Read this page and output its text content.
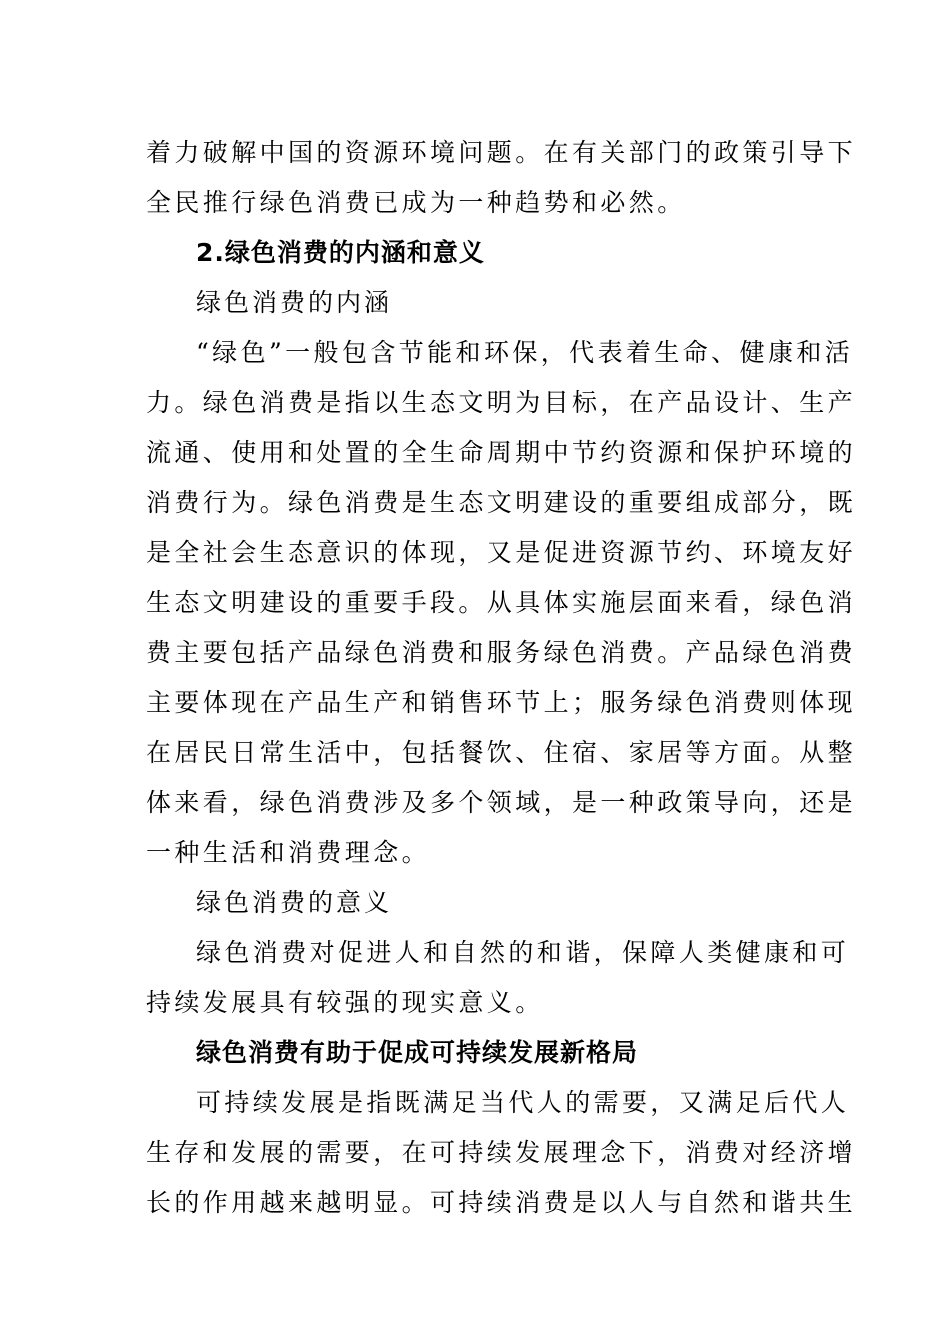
着力破解中国的资源环境问题。在有关部门的政策引导下
全民推行绿色消费已成为一种趋势和必然。
2.绿色消费的内涵和意义
绿色消费的内涵
“绿色”一般包含节能和环保，代表着生命、健康和活
力。绿色消费是指以生态文明为目标，在产品设计、生产
流通、使用和处置的全生命周期中节约资源和保护环境的
消费行为。绿色消费是生态文明建设的重要组成部分，既
是全社会生态意识的体现，又是促进资源节约、环境友好
生态文明建设的重要手段。从具体实施层面来看，绿色消
费主要包括产品绿色消费和服务绿色消费。产品绿色消费
主要体现在产品生产和销售环节上；服务绿色消费则体现
在居民日常生活中，包括餐饮、住宿、家居等方面。从整
体来看，绿色消费涉及多个领域，是一种政策导向，还是
一种生活和消费理念。
绿色消费的意义
绿色消费对促进人和自然的和谐，保障人类健康和可
持续发展具有较强的现实意义。
绿色消费有助于促成可持续发展新格局
可持续发展是指既满足当代人的需要，又满足后代人
生存和发展的需要，在可持续发展理念下，消费对经济增
长的作用越来越明显。可持续消费是以人与自然和谐共生
